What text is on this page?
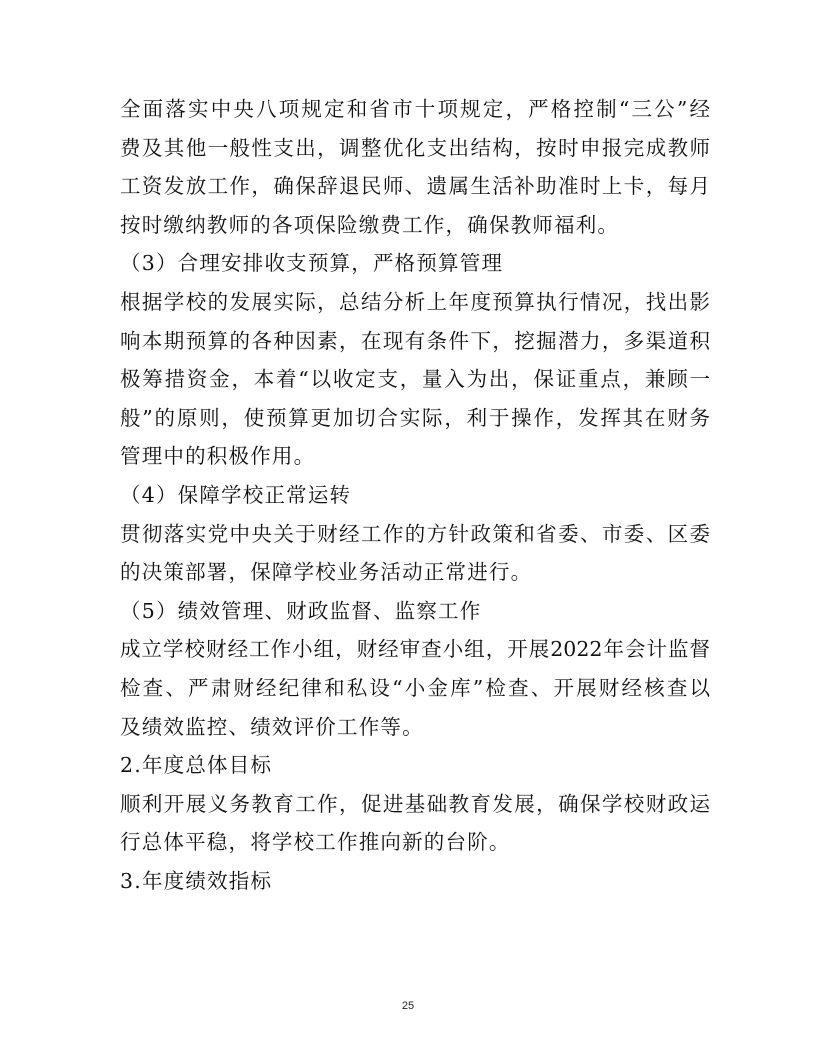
全面落实中央八项规定和省市十项规定，严格控制“三公”经
费及其他一般性支出，调整优化支出结构，按时申报完成教师
工资发放工作，确保辞退民师、遗属生活补助准时上卡，每月
按时缴纳教师的各项保险缴费工作，确保教师福利。
（3）合理安排收支预算，严格预算管理
根据学校的发展实际，总结分析上年度预算执行情况，找出影
响本期预算的各种因素，在现有条件下，挖掘潜力，多渠道积
极筹措资金，本着“以收定支，量入为出，保证重点，兼顾一
般”的原则，使预算更加切合实际，利于操作，发挥其在财务
管理中的积极作用。
（4）保障学校正常运转
贯彻落实党中央关于财经工作的方针政策和省委、市委、区委
的决策部署，保障学校业务活动正常进行。
（5）绩效管理、财政监督、监察工作
成立学校财经工作小组，财经审查小组，开展2022年会计监督
检查、严肃财经纪律和私设“小金库”检查、开展财经核查以
及绩效监控、绩效评价工作等。
2.年度总体目标
顺利开展义务教育工作，促进基础教育发展，确保学校财政运
行总体平稳，将学校工作推向新的台阶。
3.年度绩效指标
25
